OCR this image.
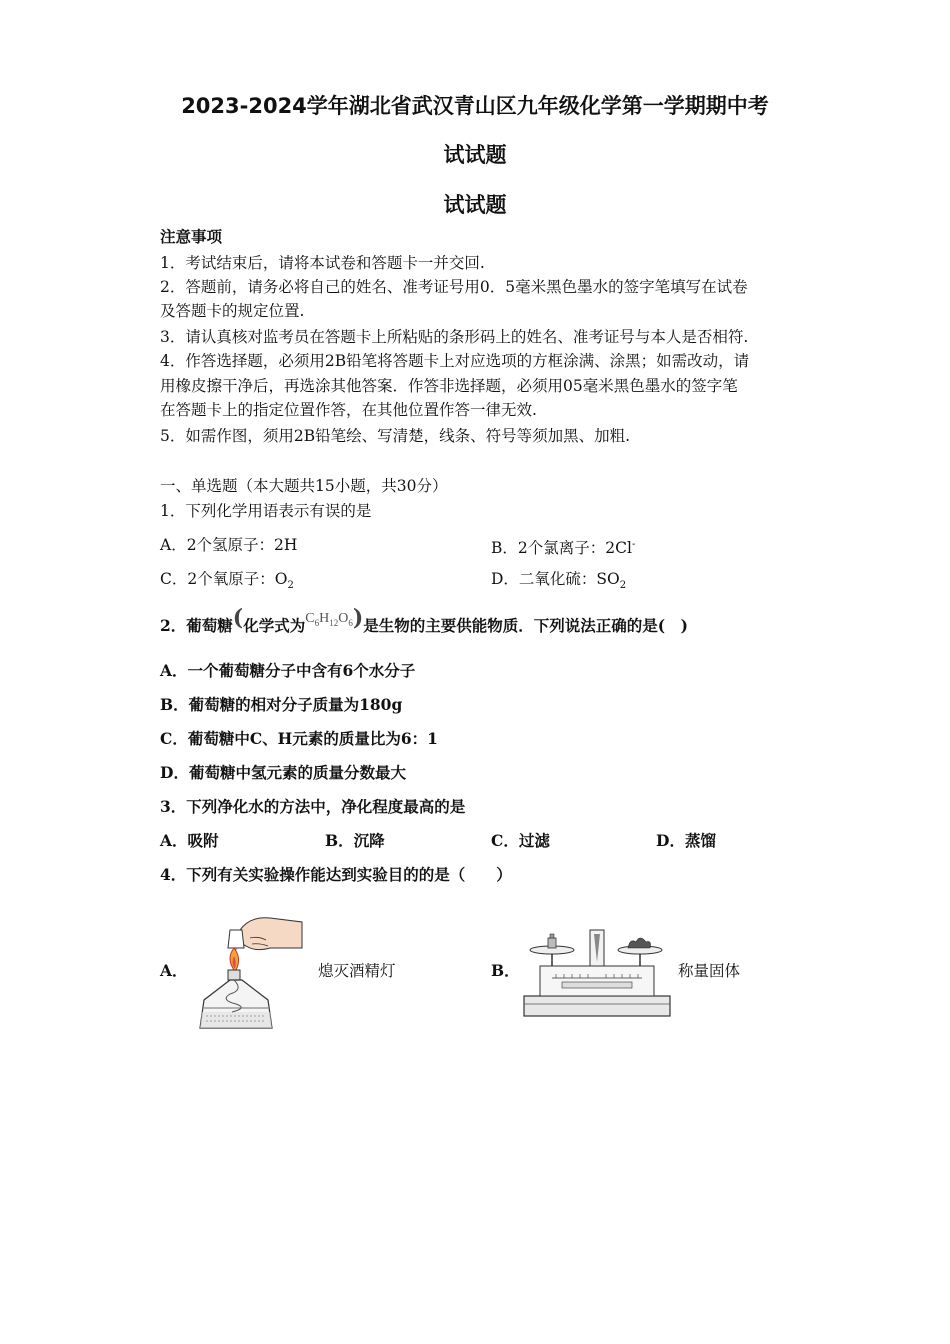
2023-2024学年湖北省武汉青山区九年级化学第一学期期中考
试试题
试试题
注意事项
1．考试结束后，请将本试卷和答题卡一并交回.
2．答题前，请务必将自己的姓名、准考证号用0．5毫米黑色墨水的签字笔填写在试卷
及答题卡的规定位置.
3．请认真核对监考员在答题卡上所粘贴的条形码上的姓名、准考证号与本人是否相符.
4．作答选择题，必须用2B铅笔将答题卡上对应选项的方框涂满、涂黑；如需改动，请
用橡皮擦干净后，再选涂其他答案．作答非选择题，必须用05毫米黑色墨水的签字笔
在答题卡上的指定位置作答，在其他位置作答一律无效.
5．如需作图，须用2B铅笔绘、写清楚，线条、符号等须加黑、加粗.
一、单选题（本大题共15小题，共30分）
1．下列化学用语表示有误的是
A．2个氢原子：2H	B．2个氯离子：2Cl-
C．2个氧原子：$O_2$	D．二氧化硫：$SO_2$
2．葡萄糖(化学式为$C_6H_{12}O_6$)是生物的主要供能物质．下列说法正确的是(　)
A．一个葡萄糖分子中含有6个水分子
B．葡萄糖的相对分子质量为180g
C．葡萄糖中C、H元素的质量比为6：1
D．葡萄糖中氢元素的质量分数最大
3．下列净化水的方法中，净化程度最高的是
A．吸附	B．沉降	C．过滤	D．蒸馏
4．下列有关实验操作能达到实验目的的是（　　）
A．	熄灭酒精灯	B．	称量固体
